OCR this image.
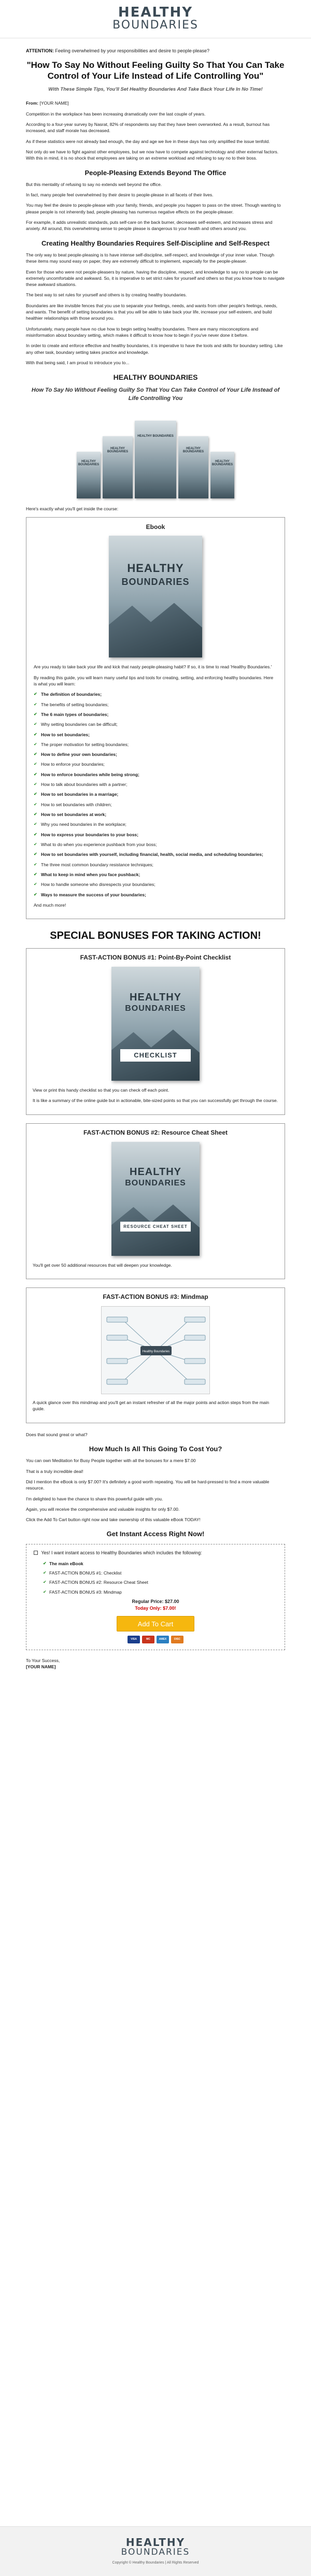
HEALTHY
BOUNDARIES

ATTENTION: Feeling overwhelmed by your responsibilities and desire to people-please?

"How To Say No Without Feeling Guilty So That You Can Take Control of Your Life Instead of Life Controlling You"
With These Simple Tips, You'll Set Healthy Boundaries And Take Back Your Life In No Time!

From: [YOUR NAME]

Competition in the workplace has been increasing dramatically over the last couple of years.

According to a four-year survey by Nasrat, 82% of respondents say that they have been overworked. As a result, burnout has increased, and staff morale has decreased.

As if these statistics were not already bad enough, the day and age we live in these days has only amplified the issue tenfold.

Not only do we have to fight against other employees, but we now have to compete against technology and other external factors. With this in mind, it is no shock that employees are taking on an extreme workload and refusing to say no to their boss.

People-Pleasing Extends Beyond The Office

But this mentality of refusing to say no extends well beyond the office.

In fact, many people feel overwhelmed by their desire to people-please in all facets of their lives.

You may feel the desire to people-please with your family, friends, and people you happen to pass on the street. Though wanting to please people is not inherently bad, people-pleasing has numerous negative effects on the people-pleaser.

For example, it adds unrealistic standards, puts self-care on the back burner, decreases self-esteem, and increases stress and anxiety. All around, this overwhelming sense to people please is dangerous to your health and others around you.

Creating Healthy Boundaries Requires Self-Discipline and Self-Respect

The only way to beat people-pleasing is to have intense self-discipline, self-respect, and knowledge of your inner value. Though these items may sound easy on paper, they are extremely difficult to implement, especially for the people-pleaser.

Even for those who were not people-pleasers by nature, having the discipline, respect, and knowledge to say no to people can be extremely uncomfortable and awkward. So, it is imperative to set strict rules for yourself and others so that you know how to navigate these awkward situations.

The best way to set rules for yourself and others is by creating healthy boundaries.

Boundaries are like invisible fences that you use to separate your feelings, needs, and wants from other people's feelings, needs, and wants. The benefit of setting boundaries is that you will be able to take back your life, increase your self-esteem, and build healthier relationships with those around you.

Unfortunately, many people have no clue how to begin setting healthy boundaries. There are many misconceptions and misinformation about boundary setting, which makes it difficult to know how to begin if you've never done it before.

In order to create and enforce effective and healthy boundaries, it is imperative to have the tools and skills for boundary setting. Like any other task, boundary setting takes practice and knowledge.

With that being said, I am proud to introduce you to...

HEALTHY BOUNDARIES
How To Say No Without Feeling Guilty So That You Can Take Control of Your Life Instead of Life Controlling You
HEALTHY BOUNDARIES
HEALTHY BOUNDARIES
HEALTHY BOUNDARIES
HEALTHY BOUNDARIES
HEALTHY BOUNDARIES

Here's exactly what you'll get inside the course:

Ebook
HEALTHY
BOUNDARIES

Are you ready to take back your life and kick that nasty people-pleasing habit? If so, it is time to read 'Healthy Boundaries.'

By reading this guide, you will learn many useful tips and tools for creating, setting, and enforcing healthy boundaries. Here is what you will learn:

✔ The definition of boundaries;
✔ The benefits of setting boundaries;
✔ The 6 main types of boundaries;
✔ Why setting boundaries can be difficult;
✔ How to set boundaries;
✔ The proper motivation for setting boundaries;
✔ How to define your own boundaries;
✔ How to enforce your boundaries;
✔ How to enforce boundaries while being strong;
✔ How to talk about boundaries with a partner;
✔ How to set boundaries in a marriage;
✔ How to set boundaries with children;
✔ How to set boundaries at work;
✔ Why you need boundaries in the workplace;
✔ How to express your boundaries to your boss;
✔ What to do when you experience pushback from your boss;
✔ How to set boundaries with yourself, including financial, health, social media, and scheduling boundaries;
✔ The three most common boundary resistance techniques;
✔ What to keep in mind when you face pushback;
✔ How to handle someone who disrespects your boundaries;
✔ Ways to measure the success of your boundaries;

And much more!

SPECIAL BONUSES FOR TAKING ACTION!
FAST-ACTION BONUS #1: Point-By-Point Checklist
HEALTHY
BOUNDARIES
CHECKLIST

View or print this handy checklist so that you can check off each point.

It is like a summary of the online guide but in actionable, bite-sized points so that you can successfully get through the course.

FAST-ACTION BONUS #2: Resource Cheat Sheet
HEALTHY
BOUNDARIES
RESOURCE CHEAT SHEET

You'll get over 50 additional resources that will deepen your knowledge.

FAST-ACTION BONUS #3: Mindmap
Healthy Boundaries

A quick glance over this mindmap and you'll get an instant refresher of all the major points and action steps from the main guide.

Does that sound great or what?

How Much Is All This Going To Cost You?

You can own Meditation for Busy People together with all the bonuses for a mere $7.00

That is a truly incredible deal!

Did I mention the eBook is only $7.00? It's definitely a good worth repeating. You will be hard-pressed to find a more valuable resource.

I'm delighted to have the chance to share this powerful guide with you.

Again, you will receive the comprehensive and valuable insights for only $7.00.

Click the Add To Cart button right now and take ownership of this valuable eBook TODAY!

Get Instant Access Right Now!

Yes! I want instant access to Healthy Boundaries which includes the following:

✔ The main eBook
✔ FAST-ACTION BONUS #1: Checklist
✔ FAST-ACTION BONUS #2: Resource Cheat Sheet
✔ FAST-ACTION BONUS #3: Mindmap
Regular Price: $27.00
Today Only: $7.00!
Add To Cart
VISA	MC	AMEX	DISC

To Your Success,
[YOUR NAME]

HEALTHY
BOUNDARIES
Copyright © Healthy Boundaries | All Rights Reserved
